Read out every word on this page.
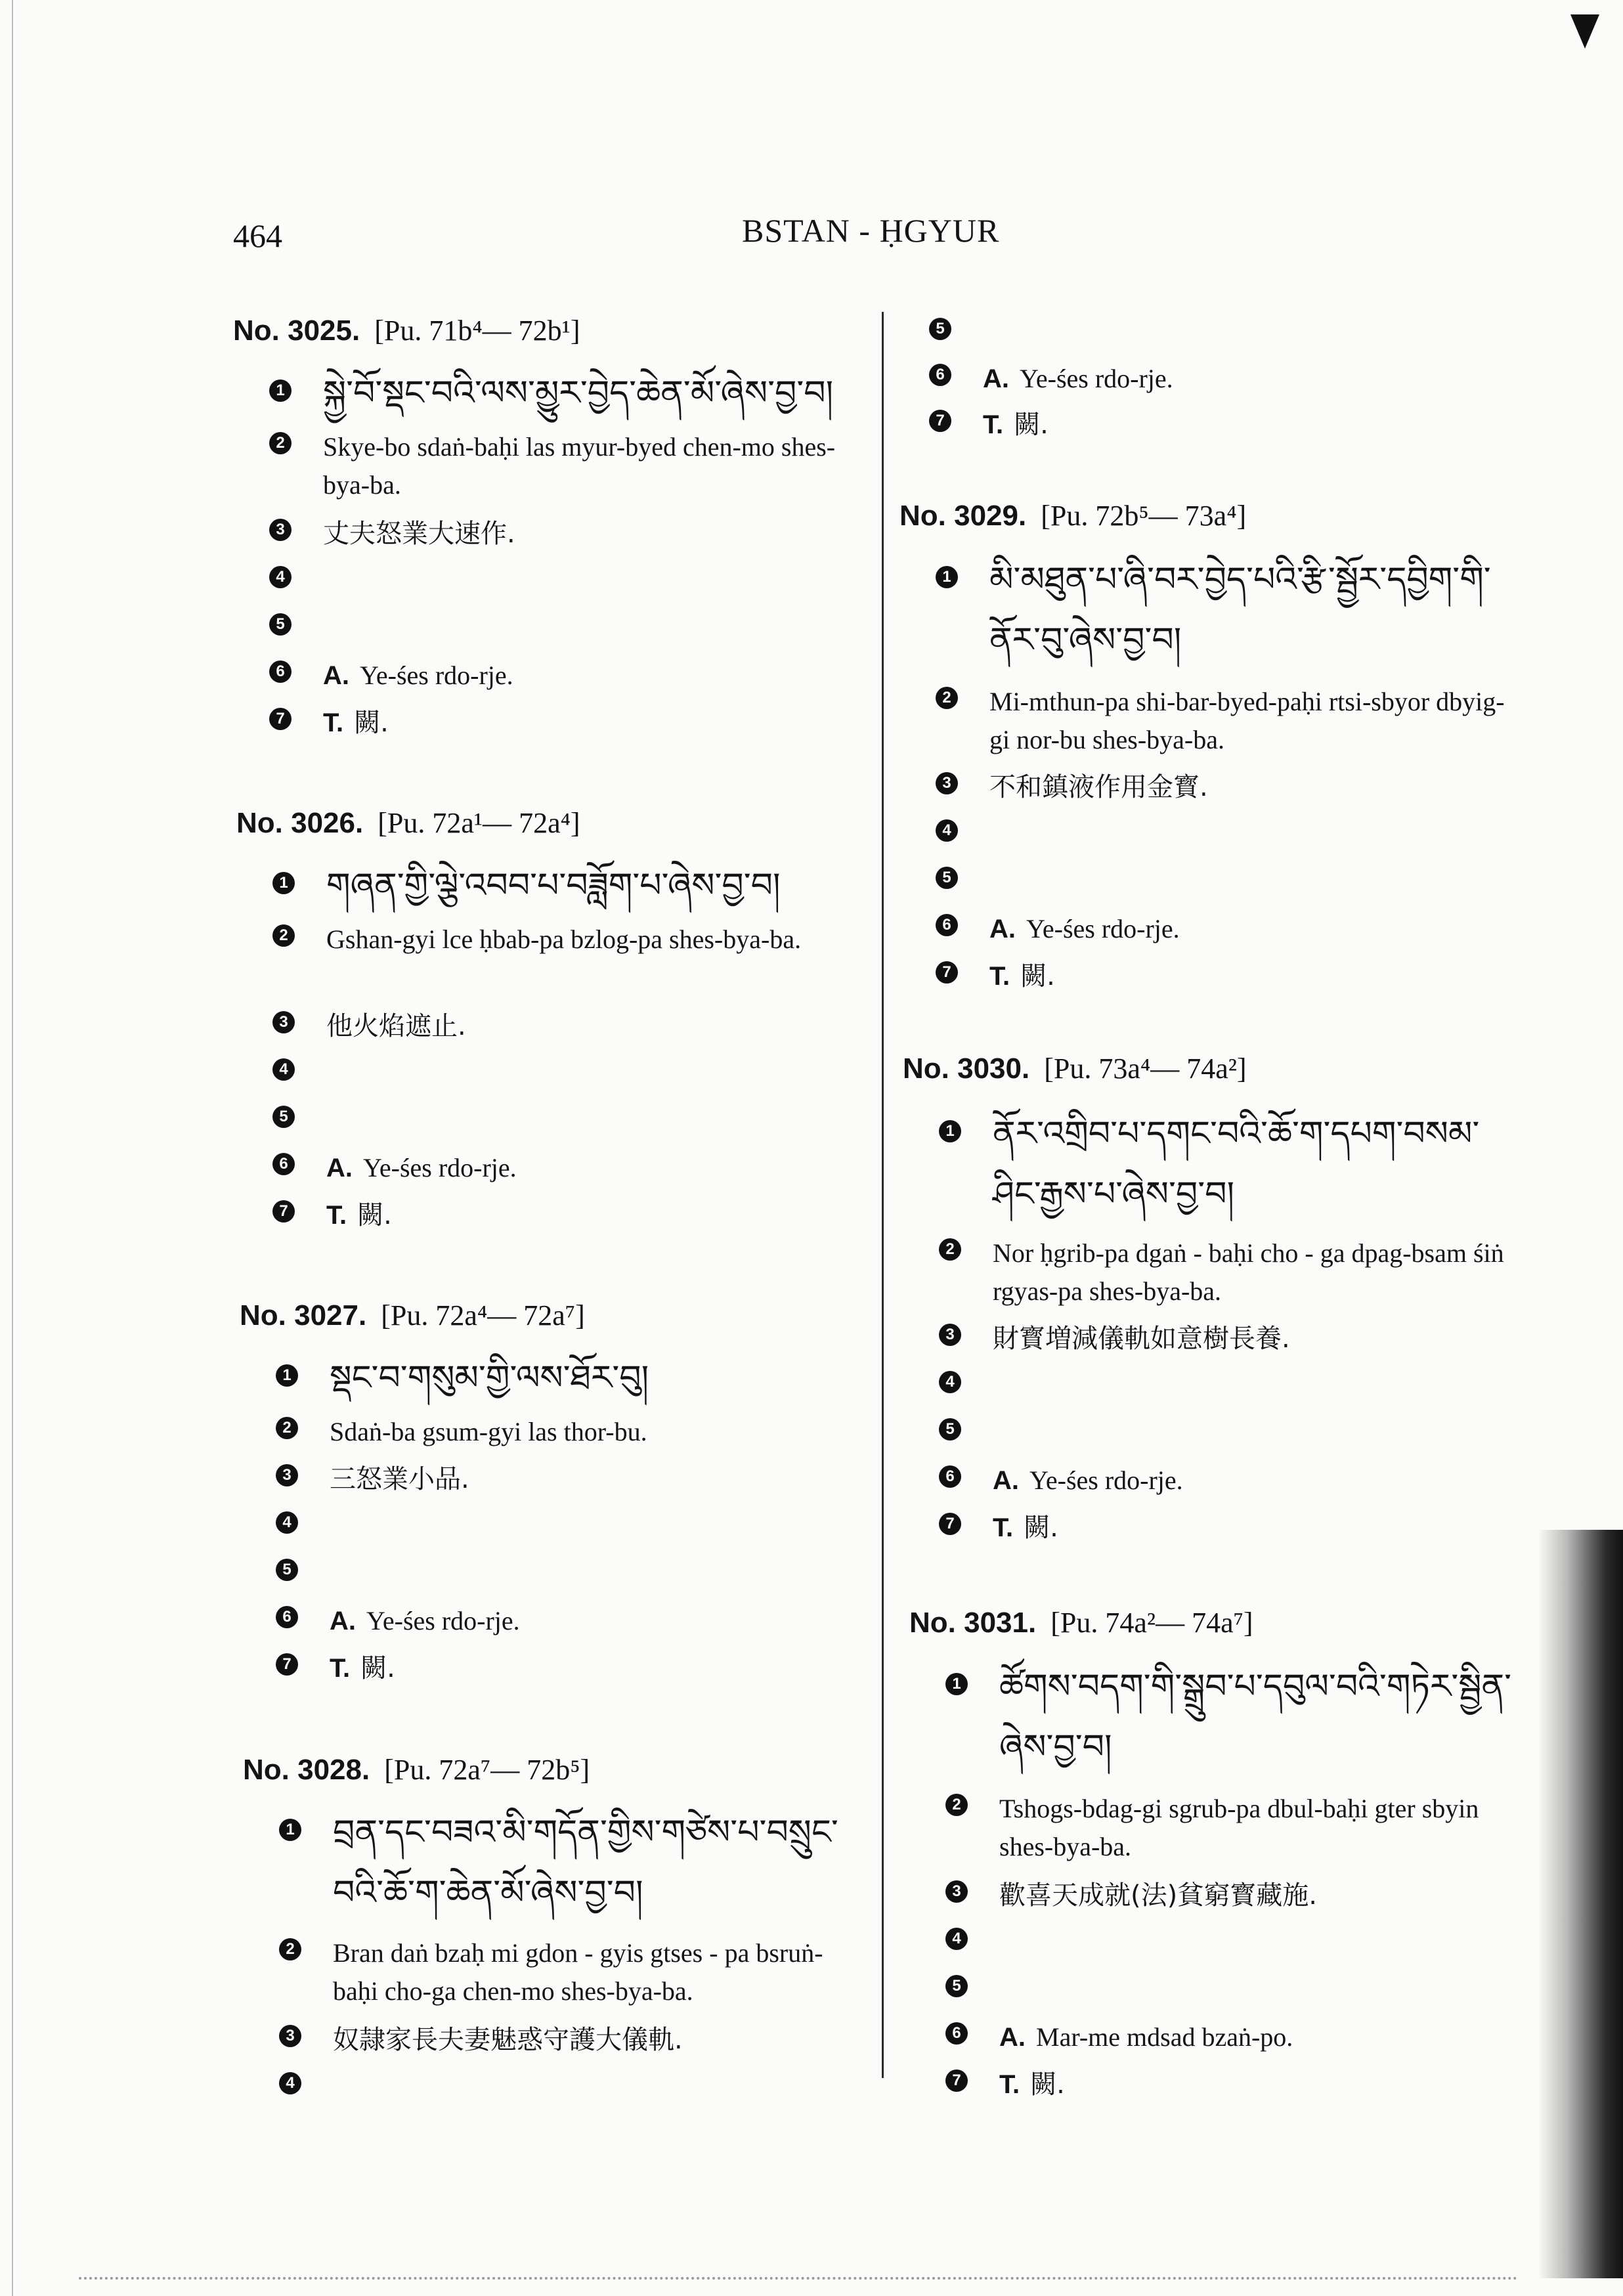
464	BSTAN - ḤGYUR
No. 3025. [Pu. 71b⁴— 72b¹]
1 སྐྱེ་བོ་སྡང་བའི་ལས་མྱུར་བྱེད་ཆེན་མོ་ཞེས་བྱ་བ།
2 Skye-bo sdaṅ-baḥi las myur-byed chen-mo shes-bya-ba.
3 丈夫怒業大速作.
4
5
6 A. Ye-śes rdo-rje.
7 T. 闕.
No. 3026. [Pu. 72a¹— 72a⁴]
1 གཞན་གྱི་ལྕེ་འབབ་པ་བཟློག་པ་ཞེས་བྱ་བ།
2 Gshan-gyi lce ḥbab-pa bzlog-pa shes-bya-ba.
3 他火焰遮止.
4
5
6 A. Ye-śes rdo-rje.
7 T. 闕.
No. 3027. [Pu. 72a⁴— 72a⁷]
1 སྡང་བ་གསུམ་གྱི་ལས་ཐོར་བུ།
2 Sdaṅ-ba gsum-gyi las thor-bu.
3 三怒業小品.
4
5
6 A. Ye-śes rdo-rje.
7 T. 闕.
No. 3028. [Pu. 72a⁷— 72b⁵]
1 བྲན་དང་བཟའ་མི་གདོན་གྱིས་གཙེས་པ་བསྲུང་བའི་ཆོ་ག་ཆེན་མོ་ཞེས་བྱ་བ།
2 Bran daṅ bzaḥ mi gdon - gyis gtses - pa bsruṅ-baḥi cho-ga chen-mo shes-bya-ba.
3 奴隷家長夫妻魅惑守護大儀軌.
4
5
6 A. Ye-śes rdo-rje.
7 T. 闕.
No. 3029. [Pu. 72b⁵— 73a⁴]
1 མི་མཐུན་པ་ཞི་བར་བྱེད་པའི་རྩི་སྦྱོར་དབྱིག་གི་ནོར་བུ་ཞེས་བྱ་བ།
2 Mi-mthun-pa shi-bar-byed-paḥi rtsi-sbyor dbyig-gi nor-bu shes-bya-ba.
3 不和鎮液作用金寳.
4
5
6 A. Ye-śes rdo-rje.
7 T. 闕.
No. 3030. [Pu. 73a⁴— 74a²]
1 ནོར་འགྲིབ་པ་དགང་བའི་ཆོ་ག་དཔག་བསམ་ཤིང་རྒྱས་པ་ཞེས་བྱ་བ།
2 Nor ḥgrib-pa dgaṅ - baḥi cho - ga dpag-bsam śiṅ rgyas-pa shes-bya-ba.
3 財寳増減儀軌如意樹長養.
4
5
6 A. Ye-śes rdo-rje.
7 T. 闕.
No. 3031. [Pu. 74a²— 74a⁷]
1 ཚོགས་བདག་གི་སྒྲུབ་པ་དབུལ་བའི་གཏེར་སྦྱིན་ཞེས་བྱ་བ།
2 Tshogs-bdag-gi sgrub-pa dbul-baḥi gter sbyin shes-bya-ba.
3 歡喜天成就(法)貧窮寳藏施.
4
5
6 A. Mar-me mdsad bzaṅ-po.
7 T. 闕.
